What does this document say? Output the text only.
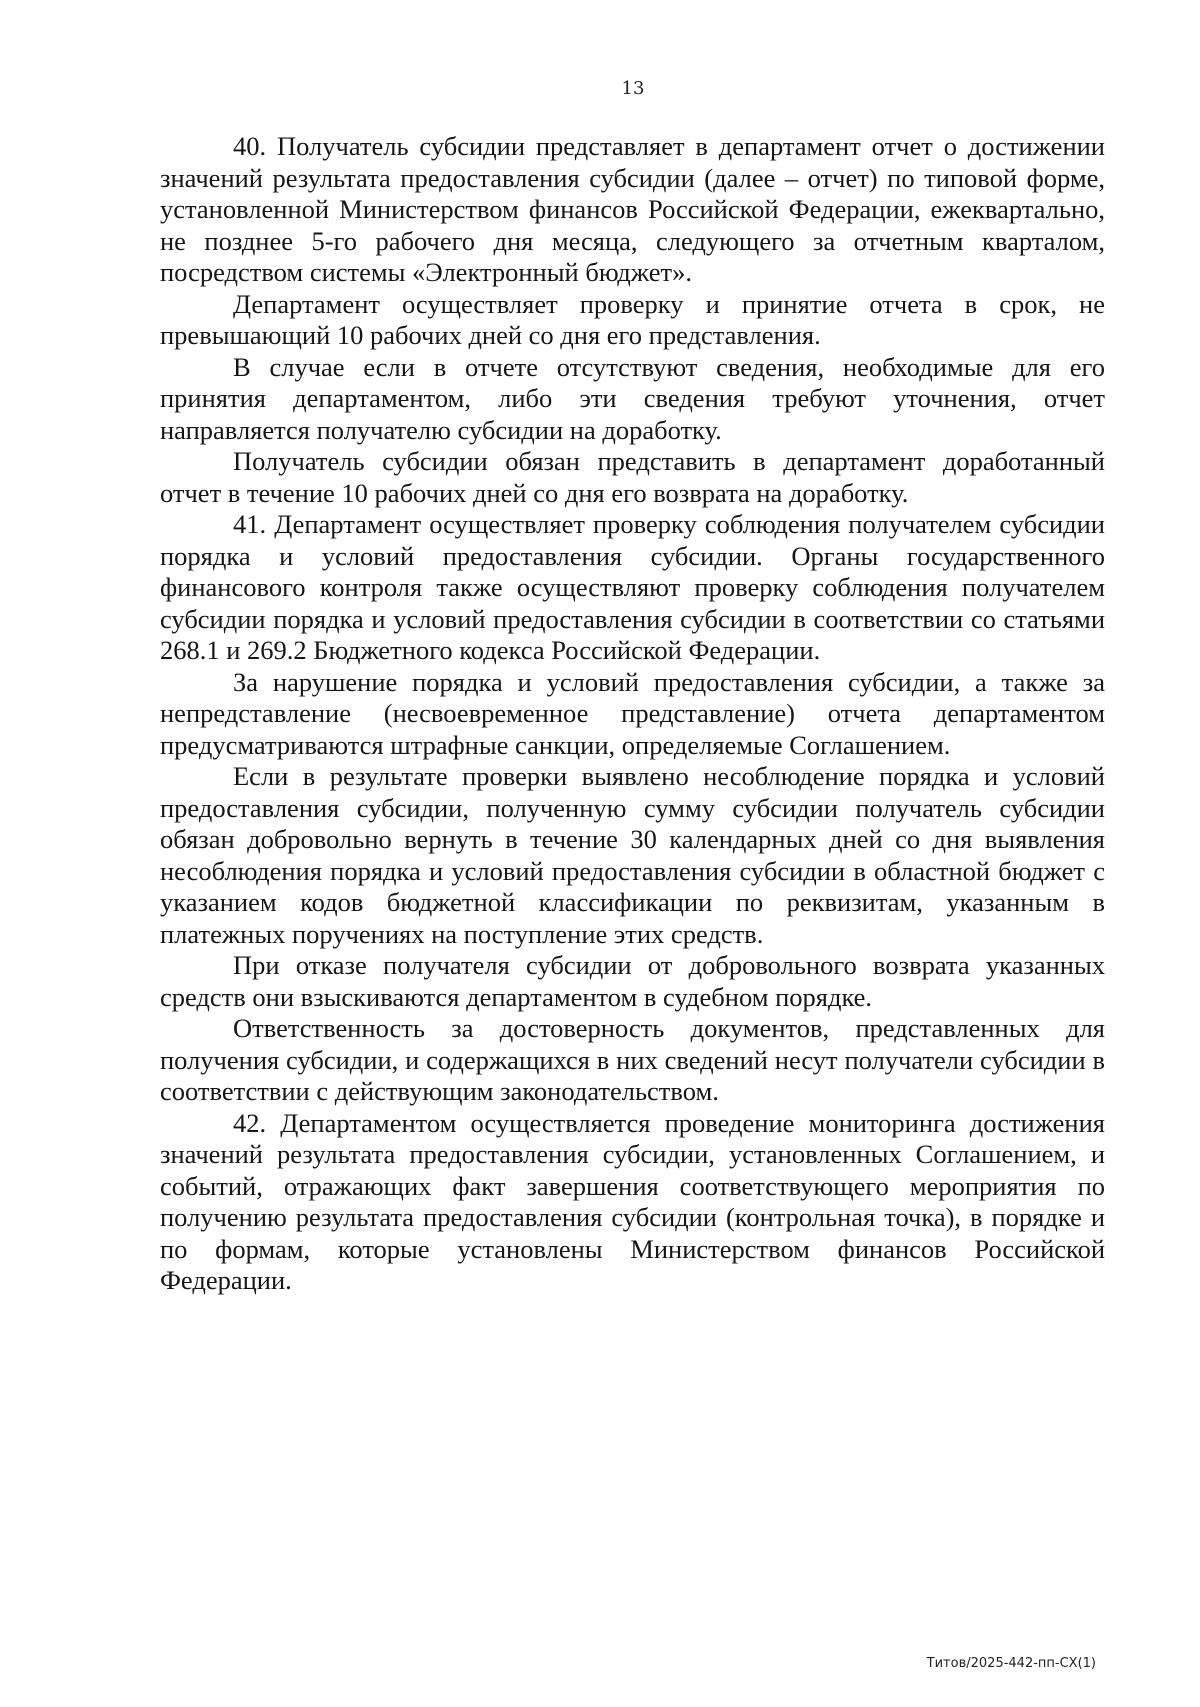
13

40. Получатель субсидии представляет в департамент отчет о достижении значений результата предоставления субсидии (далее – отчет) по типовой форме, установленной Министерством финансов Российской Федерации, ежеквартально, не позднее 5-го рабочего дня месяца, следующего за отчетным кварталом, посредством системы «Электронный бюджет».

Департамент осуществляет проверку и принятие отчета в срок, не превышающий 10 рабочих дней со дня его представления.

В случае если в отчете отсутствуют сведения, необходимые для его принятия департаментом, либо эти сведения требуют уточнения, отчет направляется получателю субсидии на доработку.

Получатель субсидии обязан представить в департамент доработанный отчет в течение 10 рабочих дней со дня его возврата на доработку.

41. Департамент осуществляет проверку соблюдения получателем субсидии порядка и условий предоставления субсидии. Органы государственного финансового контроля также осуществляют проверку соблюдения получателем субсидии порядка и условий предоставления субсидии в соответствии со статьями 268.1 и 269.2 Бюджетного кодекса Российской Федерации.

За нарушение порядка и условий предоставления субсидии, а также за непредставление (несвоевременное представление) отчета департаментом предусматриваются штрафные санкции, определяемые Соглашением.

Если в результате проверки выявлено несоблюдение порядка и условий предоставления субсидии, полученную сумму субсидии получатель субсидии обязан добровольно вернуть в течение 30 календарных дней со дня выявления несоблюдения порядка и условий предоставления субсидии в областной бюджет с указанием кодов бюджетной классификации по реквизитам, указанным в платежных поручениях на поступление этих средств.

При отказе получателя субсидии от добровольного возврата указанных средств они взыскиваются департаментом в судебном порядке.

Ответственность за достоверность документов, представленных для получения субсидии, и содержащихся в них сведений несут получатели субсидии в соответствии с действующим законодательством.

42. Департаментом осуществляется проведение мониторинга достижения значений результата предоставления субсидии, установленных Соглашением, и событий, отражающих факт завершения соответствующего мероприятия по получению результата предоставления субсидии (контрольная точка), в порядке и по формам, которые установлены Министерством финансов Российской Федерации.

Титов/2025-442-пп-СХ(1)
